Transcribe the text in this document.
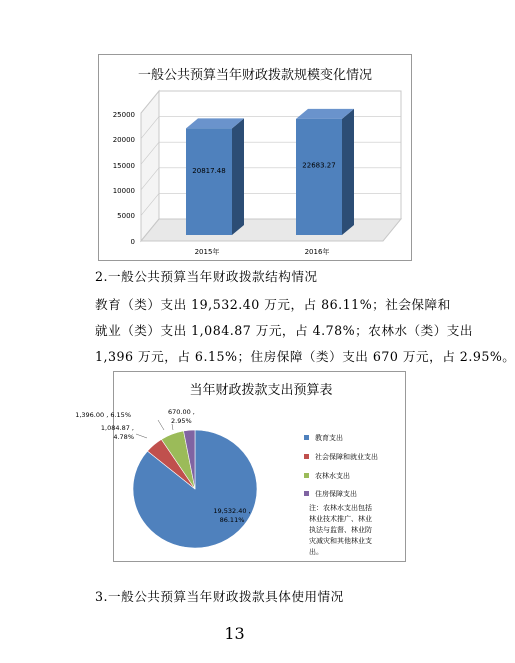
一般公共预算当年财政拨款规模变化情况
0
5000
10000
15000
20000
25000
20817.48
22683.27
2015年	2016年
2.一般公共预算当年财政拨款结构情况
教育（类）支出 19,532.40 万元，占 86.11%；社会保障和
就业（类）支出 1,084.87 万元，占 4.78%；农林水（类）支出
1,396 万元，占 6.15%；住房保障（类）支出 670 万元，占 2.95%。
当年财政拨款支出预算表
19,532.40 ,
86.11%
1,084.87 ,
4.78%
1,396.00 , 6.15%	670.00 ,
2.95%
教育支出
社会保障和就业支出
农林水支出
住房保障支出
注：农林水支出包括
林业技术推广、林业
执法与监督、林业防
灾减灾和其他林业支
出。
3.一般公共预算当年财政拨款具体使用情况
13
